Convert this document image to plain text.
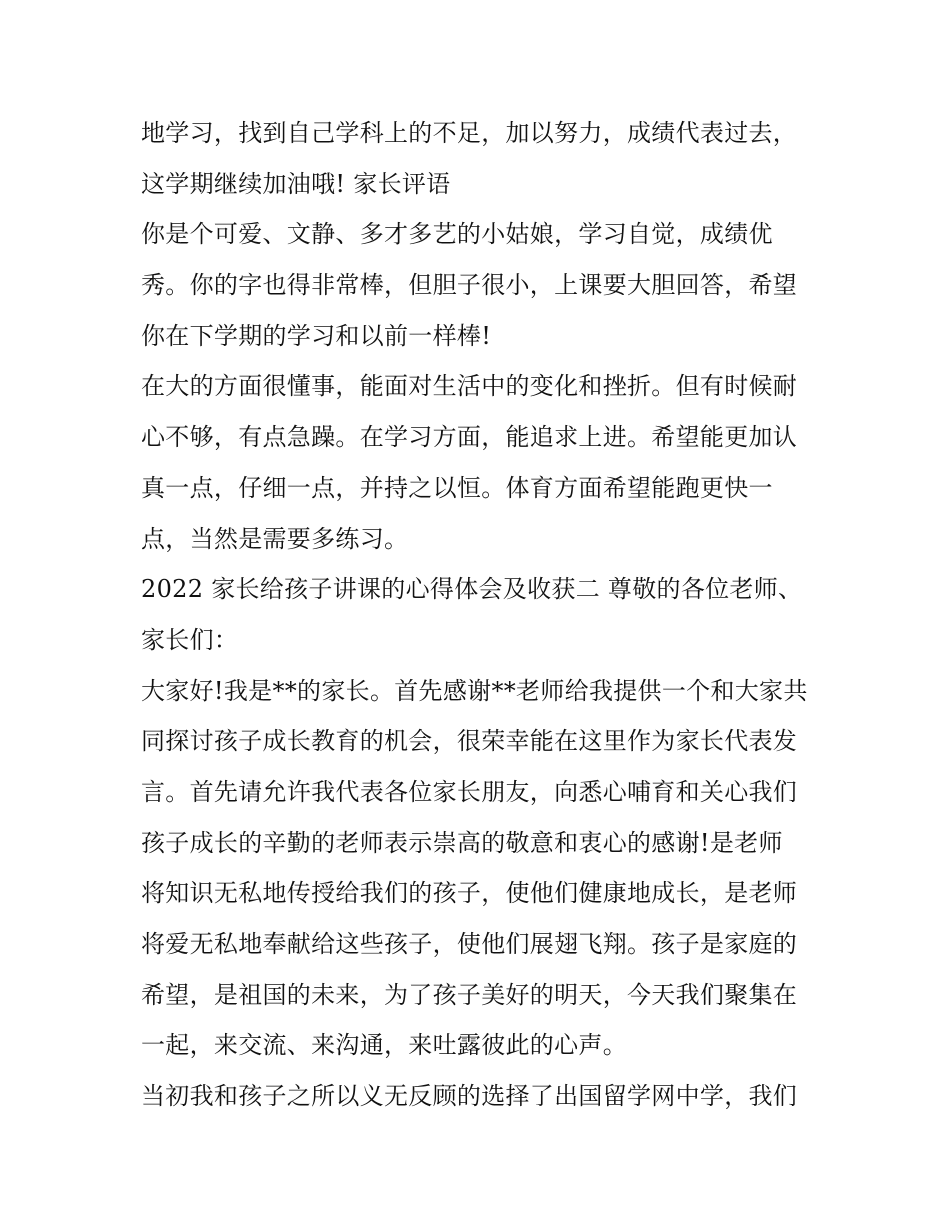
地学习，找到自己学科上的不足，加以努力，成绩代表过去，
这学期继续加油哦! 家长评语
你是个可爱、文静、多才多艺的小姑娘，学习自觉，成绩优
秀。你的字也得非常棒，但胆子很小，上课要大胆回答，希望
你在下学期的学习和以前一样棒!
在大的方面很懂事，能面对生活中的变化和挫折。但有时候耐
心不够，有点急躁。在学习方面，能追求上进。希望能更加认
真一点，仔细一点，并持之以恒。体育方面希望能跑更快一
点，当然是需要多练习。
2022 家长给孩子讲课的心得体会及收获二 尊敬的各位老师、
家长们：
大家好!我是**的家长。首先感谢**老师给我提供一个和大家共
同探讨孩子成长教育的机会，很荣幸能在这里作为家长代表发
言。首先请允许我代表各位家长朋友，向悉心哺育和关心我们
孩子成长的辛勤的老师表示崇高的敬意和衷心的感谢!是老师
将知识无私地传授给我们的孩子，使他们健康地成长，是老师
将爱无私地奉献给这些孩子，使他们展翅飞翔。孩子是家庭的
希望，是祖国的未来，为了孩子美好的明天，今天我们聚集在
一起，来交流、来沟通，来吐露彼此的心声。
当初我和孩子之所以义无反顾的选择了出国留学网中学，我们
